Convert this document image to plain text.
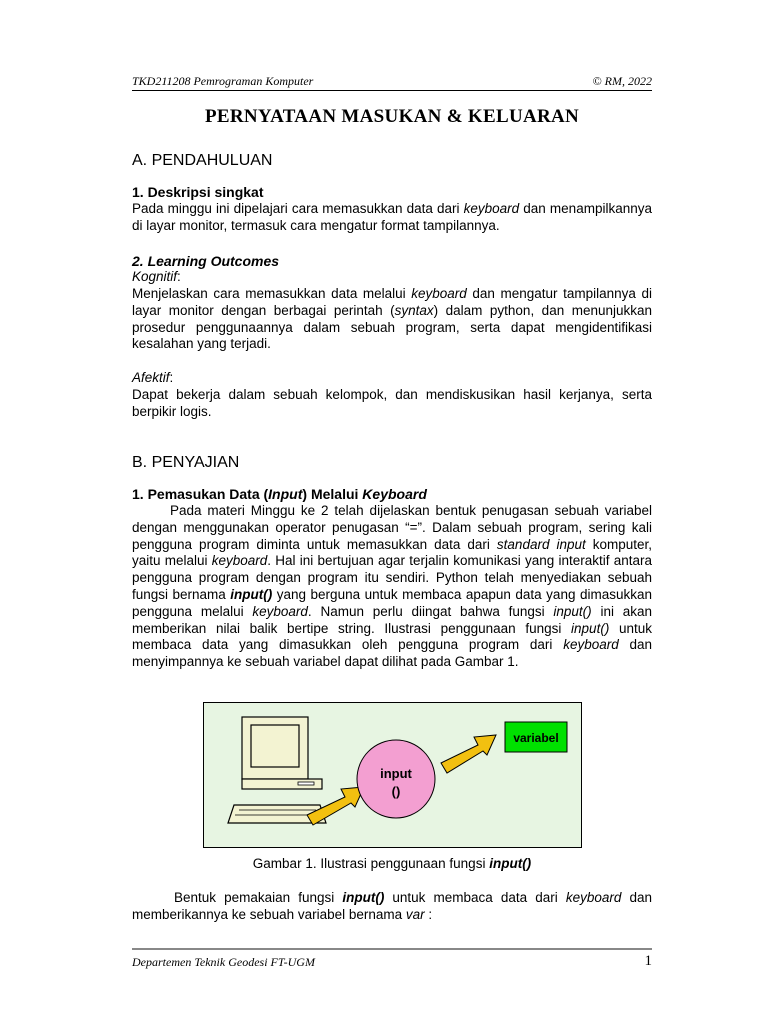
TKD211208 Pemrograman Komputer	© RM, 2022
PERNYATAAN MASUKAN & KELUARAN
A. PENDAHULUAN
1. Deskripsi singkat

Pada minggu ini dipelajari cara memasukkan data dari keyboard dan menampilkannya di layar monitor, termasuk cara mengatur format tampilannya.

2. Learning Outcomes

Kognitif:

Menjelaskan cara memasukkan data melalui keyboard dan mengatur tampilannya di layar monitor dengan berbagai perintah (syntax) dalam python, dan menunjukkan prosedur penggunaannya dalam sebuah program, serta dapat mengidentifikasi kesalahan yang terjadi.

Afektif:

Dapat bekerja dalam sebuah kelompok, dan mendiskusikan hasil kerjanya, serta berpikir logis.

B. PENYAJIAN
1. Pemasukan Data (Input) Melalui Keyboard

Pada materi Minggu ke 2 telah dijelaskan bentuk penugasan sebuah variabel dengan menggunakan operator penugasan “=”. Dalam sebuah program, sering kali pengguna program diminta untuk memasukkan data dari standard input komputer, yaitu melalui keyboard. Hal ini bertujuan agar terjalin komunikasi yang interaktif antara pengguna program dengan program itu sendiri. Python telah menyediakan sebuah fungsi bernama input() yang berguna untuk membaca apapun data yang dimasukkan pengguna melalui keyboard. Namun perlu diingat bahwa fungsi input() ini akan memberikan nilai balik bertipe string. Ilustrasi penggunaan fungsi input() untuk membaca data yang dimasukkan oleh pengguna program dari keyboard dan menyimpannya ke sebuah variabel dapat dilihat pada Gambar 1.

input
()
variabel
Gambar 1. Ilustrasi penggunaan fungsi input()

Bentuk pemakaian fungsi input() untuk membaca data dari keyboard dan memberikannya ke sebuah variabel bernama var :

Departemen Teknik Geodesi FT-UGM	1
